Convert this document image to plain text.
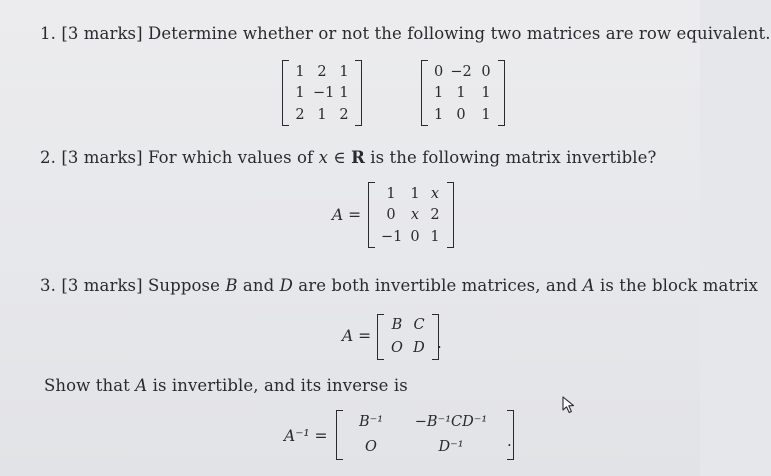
1. [3 marks] Determine whether or not the following two matrices are row equivalent.
1 2 1
1 −1 1
2 1 2
0 −2 0
1 1	1
1 0	1
2. [3 marks] For which values of x ∈ R is the following matrix invertible?
A =
1	1 x
0	x 2
−1 0 1
3. [3 marks] Suppose B and D are both invertible matrices, and A is the block matrix
A =
B C
O D .
Show that A is invertible, and its inverse is
A⁻¹ =
B⁻¹	−B⁻¹CD⁻¹
O	D⁻¹	.
